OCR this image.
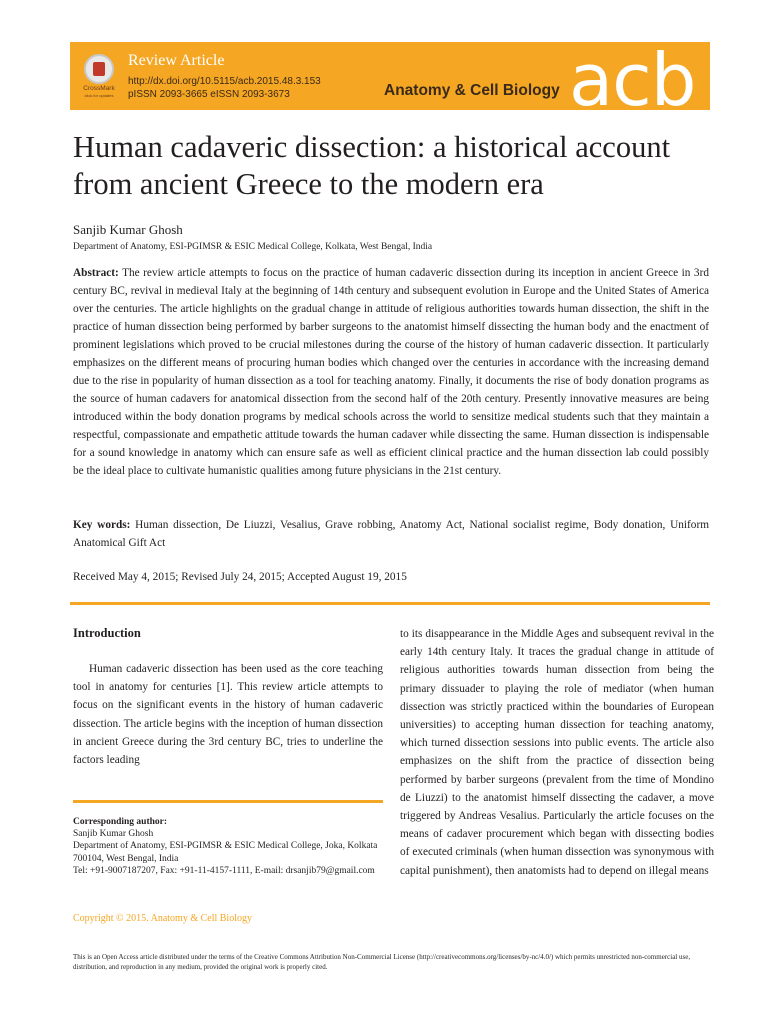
CrossMark
click for updates
Review Article
http://dx.doi.org/10.5115/acb.2015.48.3.153
pISSN 2093-3665 eISSN 2093-3673	Anatomy & Cell Biology acb
Human cadaveric dissection: a historical account from ancient Greece to the modern era
Sanjib Kumar Ghosh
Department of Anatomy, ESI-PGIMSR & ESIC Medical College, Kolkata, West Bengal, India

Abstract: The review article attempts to focus on the practice of human cadaveric dissection during its inception in ancient Greece in 3rd century BC, revival in medieval Italy at the beginning of 14th century and subsequent evolution in Europe and the United States of America over the centuries. The article highlights on the gradual change in attitude of religious authorities towards human dissection, the shift in the practice of human dissection being performed by barber surgeons to the anatomist himself dissecting the human body and the enactment of prominent legislations which proved to be crucial milestones during the course of the history of human cadaveric dissection. It particularly emphasizes on the different means of procuring human bodies which changed over the centuries in accordance with the increasing demand due to the rise in popularity of human dissection as a tool for teaching anatomy. Finally, it documents the rise of body donation programs as the source of human cadavers for anatomical dissection from the second half of the 20th century. Presently innovative measures are being introduced within the body donation programs by medical schools across the world to sensitize medical students such that they maintain a respectful, compassionate and empathetic attitude towards the human cadaver while dissecting the same. Human dissection is indispensable for a sound knowledge in anatomy which can ensure safe as well as efficient clinical practice and the human dissection lab could possibly be the ideal place to cultivate humanistic qualities among future physicians in the 21st century.

Key words: Human dissection, De Liuzzi, Vesalius, Grave robbing, Anatomy Act, National socialist regime, Body donation, Uniform Anatomical Gift Act

Received May 4, 2015; Revised July 24, 2015; Accepted August 19, 2015
Introduction

Human cadaveric dissection has been used as the core teaching tool in anatomy for centuries [1]. This review article attempts to focus on the significant events in the history of human cadaveric dissection. The article begins with the inception of human dissection in ancient Greece during the 3rd century BC, tries to underline the factors leading

to its disappearance in the Middle Ages and subsequent revival in the early 14th century Italy. It traces the gradual change in attitude of religious authorities towards human dissection from being the primary dissuader to playing the role of mediator (when human dissection was strictly practiced within the boundaries of European universities) to accepting human dissection for teaching anatomy, which turned dissection sessions into public events. The article also emphasizes on the shift from the practice of dissection being performed by barber surgeons (prevalent from the time of Mondino de Liuzzi) to the anatomist himself dissecting the cadaver, a move triggered by Andreas Vesalius. Particularly the article focuses on the means of cadaver procurement which began with dissecting bodies of executed criminals (when human dissection was synonymous with capital punishment), then anatomists had to depend on illegal means

Corresponding author:
Sanjib Kumar Ghosh
Department of Anatomy, ESI-PGIMSR & ESIC Medical College, Joka, Kolkata 700104, West Bengal, India
Tel: +91-9007187207, Fax: +91-11-4157-1111, E-mail: drsanjib79@gmail.com
Copyright © 2015. Anatomy & Cell Biology

This is an Open Access article distributed under the terms of the Creative Commons Attribution Non-Commercial License (http://creativecommons.org/licenses/by-nc/4.0/) which permits unrestricted non-commercial use, distribution, and reproduction in any medium, provided the original work is properly cited.
